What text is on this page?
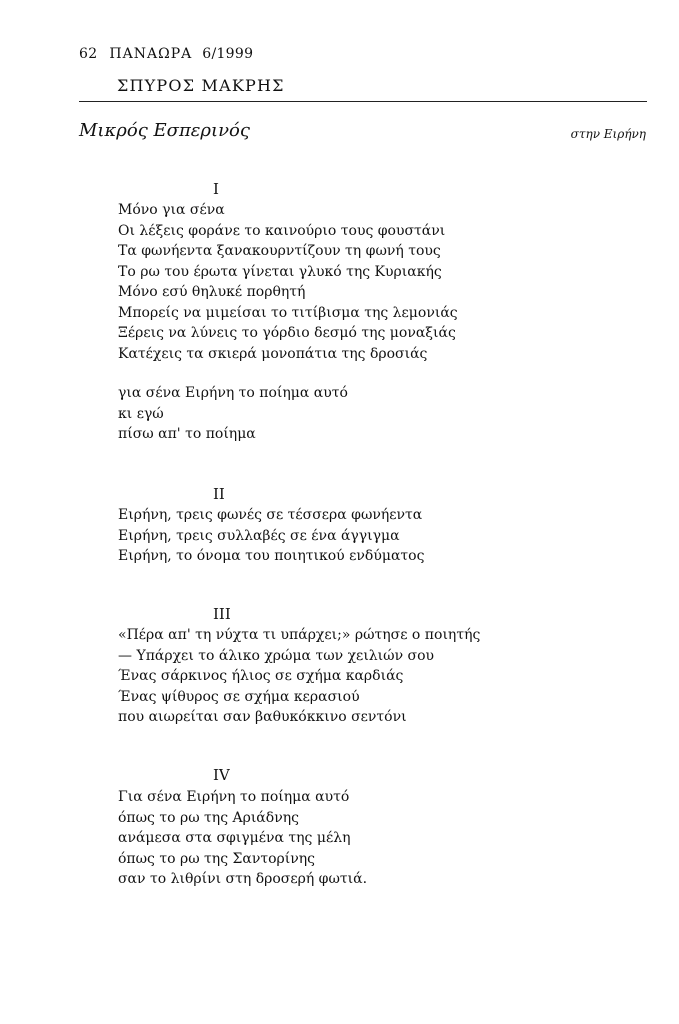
62 ΠΑΝΑΩΡΑ 6/1999
ΣΠΥΡΟΣ ΜΑΚΡΗΣ
Μικρός Εσπερινός	στην Ειρήνη
I
Μόνο για σένα
Οι λέξεις φοράνε το καινούριο τους φουστάνι
Τα φωνήεντα ξανακουρντίζουν τη φωνή τους
Το ρω του έρωτα γίνεται γλυκό της Κυριακής
Μόνο εσύ θηλυκέ πορθητή
Μπορείς να μιμείσαι το τιτίβισμα της λεμονιάς
Ξέρεις να λύνεις το γόρδιο δεσμό της μοναξιάς
Κατέχεις τα σκιερά μονοπάτια της δροσιάς
για σένα Ειρήνη το ποίημα αυτό
κι εγώ
πίσω απ' το ποίημα
II
Ειρήνη, τρεις φωνές σε τέσσερα φωνήεντα
Ειρήνη, τρεις συλλαβές σε ένα άγγιγμα
Ειρήνη, το όνομα του ποιητικού ενδύματος
III
«Πέρα απ' τη νύχτα τι υπάρχει;» ρώτησε ο ποιητής
— Υπάρχει το άλικο χρώμα των χειλιών σου
Ένας σάρκινος ήλιος σε σχήμα καρδιάς
Ένας ψίθυρος σε σχήμα κερασιού
που αιωρείται σαν βαθυκόκκινο σεντόνι
IV
Για σένα Ειρήνη το ποίημα αυτό
όπως το ρω της Αριάδνης
ανάμεσα στα σφιγμένα της μέλη
όπως το ρω της Σαντορίνης
σαν το λιθρίνι στη δροσερή φωτιά.
